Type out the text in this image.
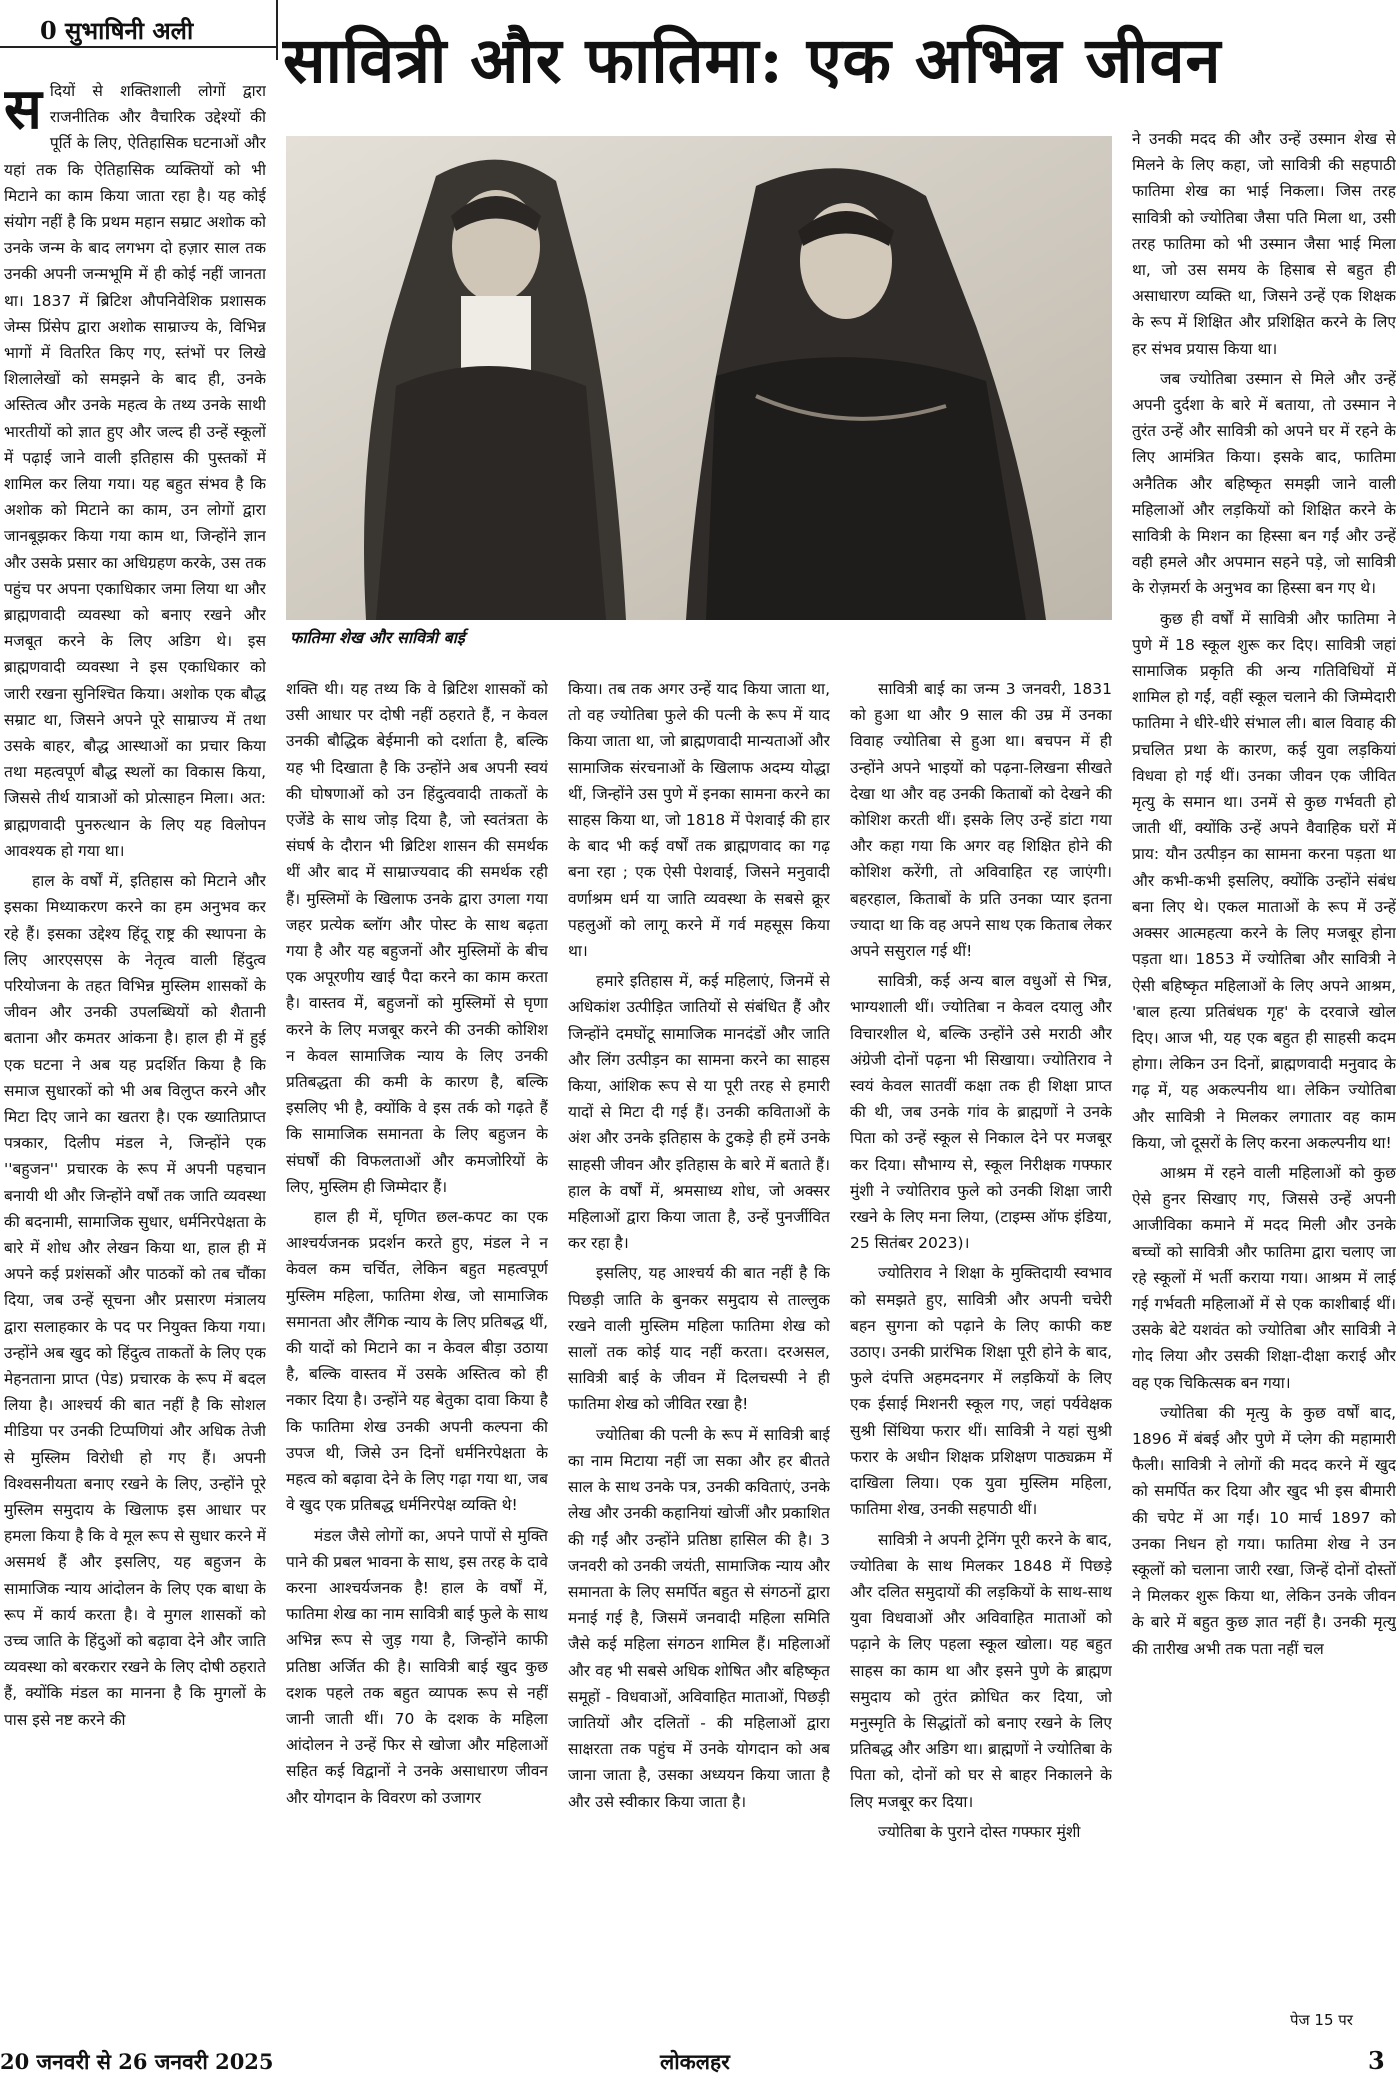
0 सुभाषिनी अली	सावित्री और फातिमा: एक अभिन्न जीवन

सदियों से शक्तिशाली लोगों द्वारा राजनीतिक और वैचारिक उद्देश्यों की पूर्ति के लिए, ऐतिहासिक घटनाओं और यहां तक कि ऐतिहासिक व्यक्तियों को भी मिटाने का काम किया जाता रहा है। यह कोई संयोग नहीं है कि प्रथम महान सम्राट अशोक को उनके जन्म के बाद लगभग दो हज़ार साल तक उनकी अपनी जन्मभूमि में ही कोई नहीं जानता था। 1837 में ब्रिटिश औपनिवेशिक प्रशासक जेम्स प्रिंसेप द्वारा अशोक साम्राज्य के, विभिन्न भागों में वितरित किए गए, स्तंभों पर लिखे शिलालेखों को समझने के बाद ही, उनके अस्तित्व और उनके महत्व के तथ्य उनके साथी भारतीयों को ज्ञात हुए और जल्द ही उन्हें स्कूलों में पढ़ाई जाने वाली इतिहास की पुस्तकों में शामिल कर लिया गया। यह बहुत संभव है कि अशोक को मिटाने का काम, उन लोगों द्वारा जानबूझकर किया गया काम था, जिन्होंने ज्ञान और उसके प्रसार का अधिग्रहण करके, उस तक पहुंच पर अपना एकाधिकार जमा लिया था और ब्राह्मणवादी व्यवस्था को बनाए रखने और मजबूत करने के लिए अडिग थे। इस ब्राह्मणवादी व्यवस्था ने इस एकाधिकार को जारी रखना सुनिश्चित किया। अशोक एक बौद्ध सम्राट था, जिसने अपने पूरे साम्राज्य में तथा उसके बाहर, बौद्ध आस्थाओं का प्रचार किया तथा महत्वपूर्ण बौद्ध स्थलों का विकास किया, जिससे तीर्थ यात्राओं को प्रोत्साहन मिला। अत: ब्राह्मणवादी पुनरुत्थान के लिए यह विलोपन आवश्यक हो गया था।

हाल के वर्षों में, इतिहास को मिटाने और इसका मिथ्याकरण करने का हम अनुभव कर रहे हैं। इसका उद्देश्य हिंदू राष्ट्र की स्थापना के लिए आरएसएस के नेतृत्व वाली हिंदुत्व परियोजना के तहत विभिन्न मुस्लिम शासकों के जीवन और उनकी उपलब्धियों को शैतानी बताना और कमतर आंकना है। हाल ही में हुई एक घटना ने अब यह प्रदर्शित किया है कि समाज सुधारकों को भी अब विलुप्त करने और मिटा दिए जाने का खतरा है। एक ख्यातिप्राप्त पत्रकार, दिलीप मंडल ने, जिन्होंने एक ''बहुजन'' प्रचारक के रूप में अपनी पहचान बनायी थी और जिन्होंने वर्षों तक जाति व्यवस्था की बदनामी, सामाजिक सुधार, धर्मनिरपेक्षता के बारे में शोध और लेखन किया था, हाल ही में अपने कई प्रशंसकों और पाठकों को तब चौंका दिया, जब उन्हें सूचना और प्रसारण मंत्रालय द्वारा सलाहकार के पद पर नियुक्त किया गया। उन्होंने अब खुद को हिंदुत्व ताकतों के लिए एक मेहनताना प्राप्त (पेड) प्रचारक के रूप में बदल लिया है। आश्चर्य की बात नहीं है कि सोशल मीडिया पर उनकी टिप्पणियां और अधिक तेजी से मुस्लिम विरोधी हो गए हैं। अपनी विश्वसनीयता बनाए रखने के लिए, उन्होंने पूरे मुस्लिम समुदाय के खिलाफ इस आधार पर हमला किया है कि वे मूल रूप से सुधार करने में असमर्थ हैं और इसलिए, यह बहुजन के सामाजिक न्याय आंदोलन के लिए एक बाधा के रूप में कार्य करता है। वे मुगल शासकों को उच्च जाति के हिंदुओं को बढ़ावा देने और जाति व्यवस्था को बरकरार रखने के लिए दोषी ठहराते हैं, क्योंकि मंडल का मानना है कि मुगलों के पास इसे नष्ट करने की

फातिमा शेख और सावित्री बाई

शक्ति थी। यह तथ्य कि वे ब्रिटिश शासकों को उसी आधार पर दोषी नहीं ठहराते हैं, न केवल उनकी बौद्धिक बेईमानी को दर्शाता है, बल्कि यह भी दिखाता है कि उन्होंने अब अपनी स्वयं की घोषणाओं को उन हिंदुत्ववादी ताकतों के एजेंडे के साथ जोड़ दिया है, जो स्वतंत्रता के संघर्ष के दौरान भी ब्रिटिश शासन की समर्थक थीं और बाद में साम्राज्यवाद की समर्थक रही हैं। मुस्लिमों के खिलाफ उनके द्वारा उगला गया जहर प्रत्येक ब्लॉग और पोस्ट के साथ बढ़ता गया है और यह बहुजनों और मुस्लिमों के बीच एक अपूरणीय खाई पैदा करने का काम करता है। वास्तव में, बहुजनों को मुस्लिमों से घृणा करने के लिए मजबूर करने की उनकी कोशिश न केवल सामाजिक न्याय के लिए उनकी प्रतिबद्धता की कमी के कारण है, बल्कि इसलिए भी है, क्योंकि वे इस तर्क को गढ़ते हैं कि सामाजिक समानता के लिए बहुजन के संघर्षों की विफलताओं और कमजोरियों के लिए, मुस्लिम ही जिम्मेदार हैं।

हाल ही में, घृणित छल-कपट का एक आश्चर्यजनक प्रदर्शन करते हुए, मंडल ने न केवल कम चर्चित, लेकिन बहुत महत्वपूर्ण मुस्लिम महिला, फातिमा शेख, जो सामाजिक समानता और लैंगिक न्याय के लिए प्रतिबद्ध थीं, की यादों को मिटाने का न केवल बीड़ा उठाया है, बल्कि वास्तव में उसके अस्तित्व को ही नकार दिया है। उन्होंने यह बेतुका दावा किया है कि फातिमा शेख उनकी अपनी कल्पना की उपज थी, जिसे उन दिनों धर्मनिरपेक्षता के महत्व को बढ़ावा देने के लिए गढ़ा गया था, जब वे खुद एक प्रतिबद्ध धर्मनिरपेक्ष व्यक्ति थे!

मंडल जैसे लोगों का, अपने पापों से मुक्ति पाने की प्रबल भावना के साथ, इस तरह के दावे करना आश्चर्यजनक है! हाल के वर्षों में, फातिमा शेख का नाम सावित्री बाई फुले के साथ अभिन्न रूप से जुड़ गया है, जिन्होंने काफी प्रतिष्ठा अर्जित की है। सावित्री बाई खुद कुछ दशक पहले तक बहुत व्यापक रूप से नहीं जानी जाती थीं। 70 के दशक के महिला आंदोलन ने उन्हें फिर से खोजा और महिलाओं सहित कई विद्वानों ने उनके असाधारण जीवन और योगदान के विवरण को उजागर

किया। तब तक अगर उन्हें याद किया जाता था, तो वह ज्योतिबा फुले की पत्नी के रूप में याद किया जाता था, जो ब्राह्मणवादी मान्यताओं और सामाजिक संरचनाओं के खिलाफ अदम्य योद्धा थीं, जिन्होंने उस पुणे में इनका सामना करने का साहस किया था, जो 1818 में पेशवाई की हार के बाद भी कई वर्षों तक ब्राह्मणवाद का गढ़ बना रहा ; एक ऐसी पेशवाई, जिसने मनुवादी वर्णाश्रम धर्म या जाति व्यवस्था के सबसे क्रूर पहलुओं को लागू करने में गर्व महसूस किया था।

हमारे इतिहास में, कई महिलाएं, जिनमें से अधिकांश उत्पीड़ित जातियों से संबंधित हैं और जिन्होंने दमघोंटू सामाजिक मानदंडों और जाति और लिंग उत्पीड़न का सामना करने का साहस किया, आंशिक रूप से या पूरी तरह से हमारी यादों से मिटा दी गई हैं। उनकी कविताओं के अंश और उनके इतिहास के टुकड़े ही हमें उनके साहसी जीवन और इतिहास के बारे में बताते हैं। हाल के वर्षों में, श्रमसाध्य शोध, जो अक्सर महिलाओं द्वारा किया जाता है, उन्हें पुनर्जीवित कर रहा है।

इसलिए, यह आश्चर्य की बात नहीं है कि पिछड़ी जाति के बुनकर समुदाय से ताल्लुक रखने वाली मुस्लिम महिला फातिमा शेख को सालों तक कोई याद नहीं करता। दरअसल, सावित्री बाई के जीवन में दिलचस्पी ने ही फातिमा शेख को जीवित रखा है!

ज्योतिबा की पत्नी के रूप में सावित्री बाई का नाम मिटाया नहीं जा सका और हर बीतते साल के साथ उनके पत्र, उनकी कविताएं, उनके लेख और उनकी कहानियां खोजीं और प्रकाशित की गईं और उन्होंने प्रतिष्ठा हासिल की है। 3 जनवरी को उनकी जयंती, सामाजिक न्याय और समानता के लिए समर्पित बहुत से संगठनों द्वारा मनाई गई है, जिसमें जनवादी महिला समिति जैसे कई महिला संगठन शामिल हैं। महिलाओं और वह भी सबसे अधिक शोषित और बहिष्कृत समूहों - विधवाओं, अविवाहित माताओं, पिछड़ी जातियों और दलितों - की महिलाओं द्वारा साक्षरता तक पहुंच में उनके योगदान को अब जाना जाता है, उसका अध्ययन किया जाता है और उसे स्वीकार किया जाता है।

सावित्री बाई का जन्म 3 जनवरी, 1831 को हुआ था और 9 साल की उम्र में उनका विवाह ज्योतिबा से हुआ था। बचपन में ही उन्होंने अपने भाइयों को पढ़ना-लिखना सीखते देखा था और वह उनकी किताबों को देखने की कोशिश करती थीं। इसके लिए उन्हें डांटा गया और कहा गया कि अगर वह शिक्षित होने की कोशिश करेंगी, तो अविवाहित रह जाएंगी। बहरहाल, किताबों के प्रति उनका प्यार इतना ज्यादा था कि वह अपने साथ एक किताब लेकर अपने ससुराल गई थीं!

सावित्री, कई अन्य बाल वधुओं से भिन्न, भाग्यशाली थीं। ज्योतिबा न केवल दयालु और विचारशील थे, बल्कि उन्होंने उसे मराठी और अंग्रेजी दोनों पढ़ना भी सिखाया। ज्योतिराव ने स्वयं केवल सातवीं कक्षा तक ही शिक्षा प्राप्त की थी, जब उनके गांव के ब्राह्मणों ने उनके पिता को उन्हें स्कूल से निकाल देने पर मजबूर कर दिया। सौभाग्य से, स्कूल निरीक्षक गफ्फार मुंशी ने ज्योतिराव फुले को उनकी शिक्षा जारी रखने के लिए मना लिया, (टाइम्स ऑफ इंडिया, 25 सितंबर 2023)।

ज्योतिराव ने शिक्षा के मुक्तिदायी स्वभाव को समझते हुए, सावित्री और अपनी चचेरी बहन सुगना को पढ़ाने के लिए काफी कष्ट उठाए। उनकी प्रारंभिक शिक्षा पूरी होने के बाद, फुले दंपत्ति अहमदनगर में लड़कियों के लिए एक ईसाई मिशनरी स्कूल गए, जहां पर्यवेक्षक सुश्री सिंथिया फरार थीं। सावित्री ने यहां सुश्री फरार के अधीन शिक्षक प्रशिक्षण पाठ्यक्रम में दाखिला लिया। एक युवा मुस्लिम महिला, फातिमा शेख, उनकी सहपाठी थीं।

सावित्री ने अपनी ट्रेनिंग पूरी करने के बाद, ज्योतिबा के साथ मिलकर 1848 में पिछड़े और दलित समुदायों की लड़कियों के साथ-साथ युवा विधवाओं और अविवाहित माताओं को पढ़ाने के लिए पहला स्कूल खोला। यह बहुत साहस का काम था और इसने पुणे के ब्राह्मण समुदाय को तुरंत क्रोधित कर दिया, जो मनुस्मृति के सिद्धांतों को बनाए रखने के लिए प्रतिबद्ध और अडिग था। ब्राह्मणों ने ज्योतिबा के पिता को, दोनों को घर से बाहर निकालने के लिए मजबूर कर दिया।

ज्योतिबा के पुराने दोस्त गफ्फार मुंशी

ने उनकी मदद की और उन्हें उस्मान शेख से मिलने के लिए कहा, जो सावित्री की सहपाठी फातिमा शेख का भाई निकला। जिस तरह सावित्री को ज्योतिबा जैसा पति मिला था, उसी तरह फातिमा को भी उस्मान जैसा भाई मिला था, जो उस समय के हिसाब से बहुत ही असाधारण व्यक्ति था, जिसने उन्हें एक शिक्षक के रूप में शिक्षित और प्रशिक्षित करने के लिए हर संभव प्रयास किया था।

जब ज्योतिबा उस्मान से मिले और उन्हें अपनी दुर्दशा के बारे में बताया, तो उस्मान ने तुरंत उन्हें और सावित्री को अपने घर में रहने के लिए आमंत्रित किया। इसके बाद, फातिमा अनैतिक और बहिष्कृत समझी जाने वाली महिलाओं और लड़कियों को शिक्षित करने के सावित्री के मिशन का हिस्सा बन गईं और उन्हें वही हमले और अपमान सहने पड़े, जो सावित्री के रोज़मर्रा के अनुभव का हिस्सा बन गए थे।

कुछ ही वर्षों में सावित्री और फातिमा ने पुणे में 18 स्कूल शुरू कर दिए। सावित्री जहां सामाजिक प्रकृति की अन्य गतिविधियों में शामिल हो गईं, वहीं स्कूल चलाने की जिम्मेदारी फातिमा ने धीरे-धीरे संभाल ली। बाल विवाह की प्रचलित प्रथा के कारण, कई युवा लड़कियां विधवा हो गई थीं। उनका जीवन एक जीवित मृत्यु के समान था। उनमें से कुछ गर्भवती हो जाती थीं, क्योंकि उन्हें अपने वैवाहिक घरों में प्राय: यौन उत्पीड़न का सामना करना पड़ता था और कभी-कभी इसलिए, क्योंकि उन्होंने संबंध बना लिए थे। एकल माताओं के रूप में उन्हें अक्सर आत्महत्या करने के लिए मजबूर होना पड़ता था। 1853 में ज्योतिबा और सावित्री ने ऐसी बहिष्कृत महिलाओं के लिए अपने आश्रम, 'बाल हत्या प्रतिबंधक गृह' के दरवाजे खोल दिए। आज भी, यह एक बहुत ही साहसी कदम होगा। लेकिन उन दिनों, ब्राह्मणवादी मनुवाद के गढ़ में, यह अकल्पनीय था। लेकिन ज्योतिबा और सावित्री ने मिलकर लगातार वह काम किया, जो दूसरों के लिए करना अकल्पनीय था!

आश्रम में रहने वाली महिलाओं को कुछ ऐसे हुनर सिखाए गए, जिससे उन्हें अपनी आजीविका कमाने में मदद मिली और उनके बच्चों को सावित्री और फातिमा द्वारा चलाए जा रहे स्कूलों में भर्ती कराया गया। आश्रम में लाई गई गर्भवती महिलाओं में से एक काशीबाई थीं। उसके बेटे यशवंत को ज्योतिबा और सावित्री ने गोद लिया और उसकी शिक्षा-दीक्षा कराई और वह एक चिकित्सक बन गया।

ज्योतिबा की मृत्यु के कुछ वर्षों बाद, 1896 में बंबई और पुणे में प्लेग की महामारी फैली। सावित्री ने लोगों की मदद करने में खुद को समर्पित कर दिया और खुद भी इस बीमारी की चपेट में आ गईं। 10 मार्च 1897 को उनका निधन हो गया। फातिमा शेख ने उन स्कूलों को चलाना जारी रखा, जिन्हें दोनों दोस्तों ने मिलकर शुरू किया था, लेकिन उनके जीवन के बारे में बहुत कुछ ज्ञात नहीं है। उनकी मृत्यु की तारीख अभी तक पता नहीं चल

पेज 15 पर
20 जनवरी से 26 जनवरी 2025	लोकलहर	3
